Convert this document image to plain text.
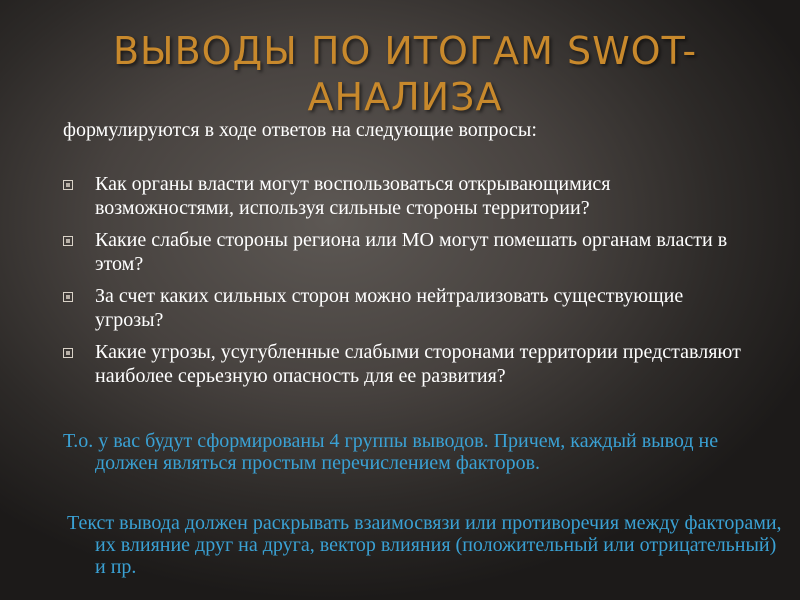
ВЫВОДЫ ПО ИТОГАМ SWOT-АНАЛИЗА

формулируются в ходе ответов на следующие вопросы:

Как органы власти могут воспользоваться открывающимися возможностями, используя сильные стороны территории?
Какие слабые стороны региона или МО могут помешать органам власти в этом?
За счет каких сильных сторон можно нейтрализовать существующие угрозы?
Какие угрозы, усугубленные слабыми сторонами территории представляют наиболее серьезную опасность для ее развития?

Т.о. у вас будут сформированы 4 группы выводов. Причем, каждый вывод не должен являться простым перечислением факторов.

Текст вывода должен раскрывать взаимосвязи или противоречия между факторами, их влияние друг на друга, вектор влияния (положительный или отрицательный) и пр.
